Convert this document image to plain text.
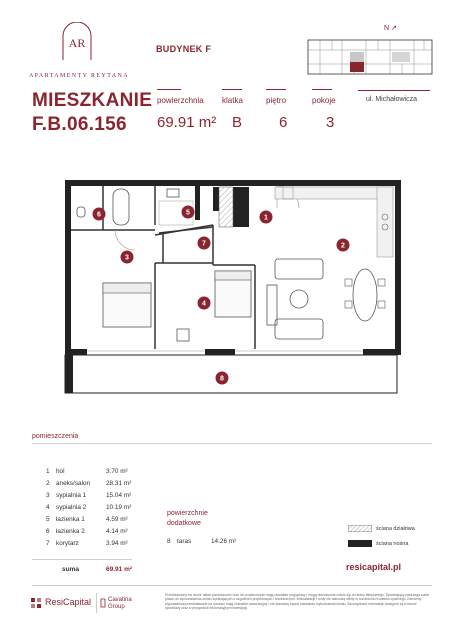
AR
APARTAMENTY REYTANA
BUDYNEK F
MIESZKANIE
F.B.06.156
powierzchnia
69.91 m²
klatka
B
piętro
6
pokoje
3
ul. Michałowicza
N ↗
1
2
3
4
5
6
7
8
pomieszczenia
1	hol	3.70 m²
2	aneks/salon	28.31 m²
3	sypialnia 1	15.04 m²
4	sypialnia 2	10.19 m²
5	łazienka 1	4.59 m²
6	łazienka 2	4.14 m²
7	korytarz	3.94 m²
suma	69.91 m²
powierzchnie dodatkowe
8 taras	14.26 m²
ściana działowa
ściana nośna
resicapital.pl
ResiCapital	Cavatina
Group
Przedstawiony na rzucie układ pomieszczeń oraz ich powierzchnie mają charakter poglądowy i mogą nieznacznie różnić się od stanu faktycznego. Sprzedający zastrzega sobie prawo do wprowadzenia zmian wynikających z uzgodnień projektowych i technicznych. Wizualizacje i rzuty nie stanowią oferty w rozumieniu Kodeksu cywilnego. Elementy wyposażenia przedstawione na rysunku mają charakter aranżacyjny i nie stanowią części standardu wykończenia lokalu. Szczegółowe informacje dostępne są w biurze sprzedaży oraz w prospekcie informacyjnym inwestycji.
